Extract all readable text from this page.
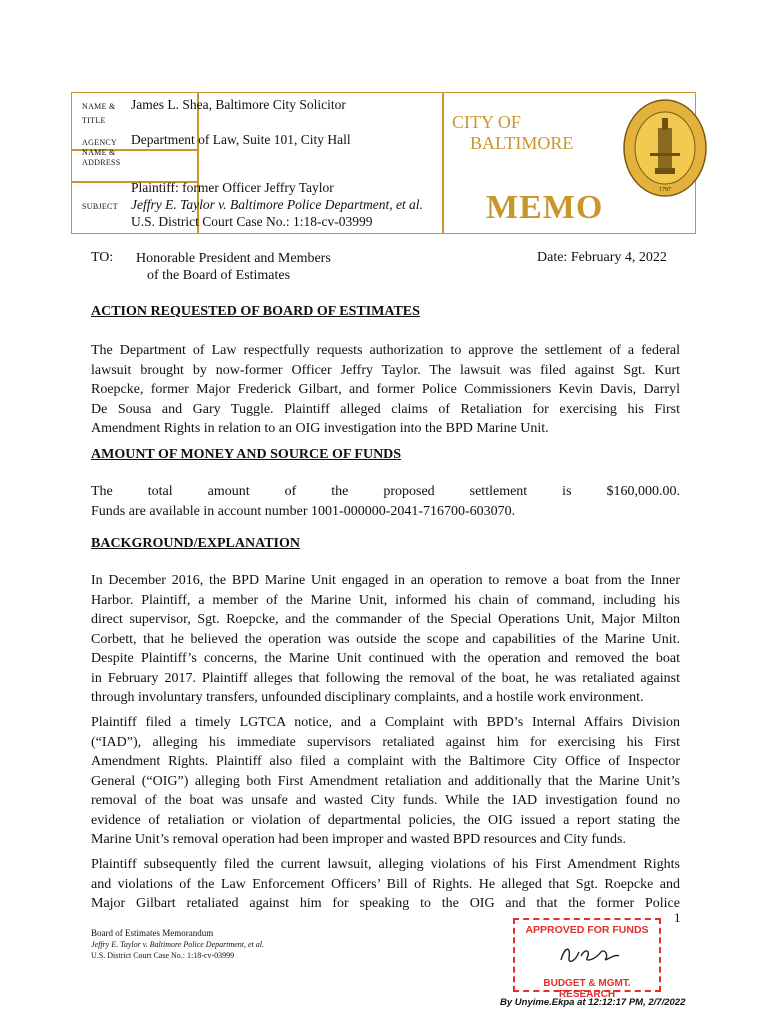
NAME &
TITLE
James L. Shea, Baltimore City Solicitor
AGENCY
NAME &
ADDRESS
Department of Law, Suite 101, City Hall
SUBJECT
Plaintiff: former Officer Jeffry Taylor
Jeffry E. Taylor v. Baltimore Police Department, et al.
U.S. District Court Case No.: 1:18-cv-03999
CITY OF
BALTIMORE
MEMO	1797
TO: Honorable President and Members
of the Board of Estimates
Date: February 4, 2022
ACTION REQUESTED OF BOARD OF ESTIMATES
The Department of Law respectfully requests authorization to approve the settlement of a federal
lawsuit brought by now-former Officer Jeffry Taylor. The lawsuit was filed against Sgt. Kurt
Roepcke, former Major Frederick Gilbart, and former Police Commissioners Kevin Davis, Darryl
De Sousa and Gary Tuggle. Plaintiff alleged claims of Retaliation for exercising his First
Amendment Rights in relation to an OIG investigation into the BPD Marine Unit.
AMOUNT OF MONEY AND SOURCE OF FUNDS
The total amount of the proposed settlement is $160,000.00.
Funds are available in account number 1001-000000-2041-716700-603070.
BACKGROUND/EXPLANATION
In December 2016, the BPD Marine Unit engaged in an operation to remove a boat from the Inner
Harbor. Plaintiff, a member of the Marine Unit, informed his chain of command, including his
direct supervisor, Sgt. Roepcke, and the commander of the Special Operations Unit, Major Milton
Corbett, that he believed the operation was outside the scope and capabilities of the Marine Unit.
Despite Plaintiff’s concerns, the Marine Unit continued with the operation and removed the boat
in February 2017. Plaintiff alleges that following the removal of the boat, he was retaliated against
through involuntary transfers, unfounded disciplinary complaints, and a hostile work environment.
Plaintiff filed a timely LGTCA notice, and a Complaint with BPD’s Internal Affairs Division
(“IAD”), alleging his immediate supervisors retaliated against him for exercising his First
Amendment Rights. Plaintiff also filed a complaint with the Baltimore City Office of Inspector
General (“OIG”) alleging both First Amendment retaliation and additionally that the Marine Unit’s
removal of the boat was unsafe and wasted City funds. While the IAD investigation found no
evidence of retaliation or violation of departmental policies, the OIG issued a report stating the
Marine Unit’s removal operation had been improper and wasted BPD resources and City funds.
Plaintiff subsequently filed the current lawsuit, alleging violations of his First Amendment Rights
and violations of the Law Enforcement Officers’ Bill of Rights. He alleged that Sgt. Roepcke and
Major Gilbart retaliated against him for speaking to the OIG and that the former Police
1
Board of Estimates Memorandum
Jeffry E. Taylor v. Baltimore Police Department, et al.
U.S. District Court Case No.: 1:18-cv-03999
APPROVED FOR FUNDS
BUDGET & MGMT. RESEARCH
By Unyime.Ekpa at 12:12:17 PM, 2/7/2022
